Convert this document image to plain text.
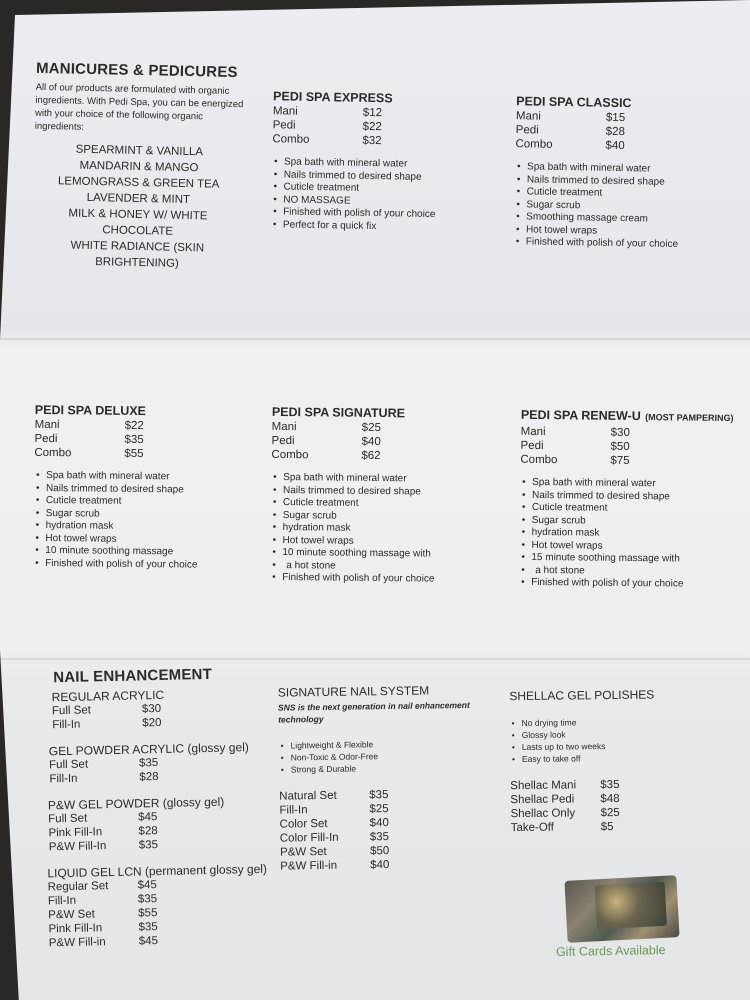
MANICURES & PEDICURES
All of our products are formulated with organic ingredients. With Pedi Spa, you can be energized with your choice of the following organic ingredients:
SPEARMINT & VANILLA
MANDARIN & MANGO
LEMONGRASS & GREEN TEA
LAVENDER & MINT
MILK & HONEY W/ WHITE CHOCOLATE
WHITE RADIANCE (SKIN
BRIGHTENING)
PEDI SPA EXPRESS
Mani	$12
Pedi	$22
Combo	$32
• Spa bath with mineral water
• Nails trimmed to desired shape
• Cuticle treatment
• NO MASSAGE
• Finished with polish of your choice
• Perfect for a quick fix
PEDI SPA CLASSIC
Mani	$15
Pedi	$28
Combo	$40
• Spa bath with mineral water
• Nails trimmed to desired shape
• Cuticle treatment
• Sugar scrub
• Smoothing massage cream
• Hot towel wraps
• Finished with polish of your choice
PEDI SPA DELUXE
Mani	$22
Pedi	$35
Combo	$55
• Spa bath with mineral water
• Nails trimmed to desired shape
• Cuticle treatment
• Sugar scrub
• hydration mask
• Hot towel wraps
• 10 minute soothing massage
• Finished with polish of your choice
PEDI SPA SIGNATURE
Mani	$25
Pedi	$40
Combo	$62
• Spa bath with mineral water
• Nails trimmed to desired shape
• Cuticle treatment
• Sugar scrub
• hydration mask
• Hot towel wraps
• 10 minute soothing massage with
• a hot stone
• Finished with polish of your choice
PEDI SPA RENEW-U (MOST PAMPERING)
Mani	$30
Pedi	$50
Combo	$75
• Spa bath with mineral water
• Nails trimmed to desired shape
• Cuticle treatment
• Sugar scrub
• hydration mask
• Hot towel wraps
• 15 minute soothing massage with
• a hot stone
• Finished with polish of your choice
NAIL ENHANCEMENT
REGULAR ACRYLIC
Full Set	$30
Fill-In	$20
GEL POWDER ACRYLIC (glossy gel)
Full Set	$35
Fill-In	$28
P&W GEL POWDER (glossy gel)
Full Set	$45
Pink Fill-In	$28
P&W Fill-In	$35
LIQUID GEL LCN (permanent glossy gel)
Regular Set	$45
Fill-In	$35
P&W Set	$55
Pink Fill-In	$35
P&W Fill-in	$45
SIGNATURE NAIL SYSTEM
SNS is the next generation in nail enhancement technology
• Lightweight & Flexible
• Non-Toxic & Odor-Free
• Strong & Durable
Natural Set	$35
Fill-In	$25
Color Set	$40
Color Fill-In	$35
P&W Set	$50
P&W Fill-in	$40
SHELLAC GEL POLISHES
• No drying time
• Glossy look
• Lasts up to two weeks
• Easy to take off
Shellac Mani	$35
Shellac Pedi	$48
Shellac Only	$25
Take-Off	$5
Gift Cards Available
